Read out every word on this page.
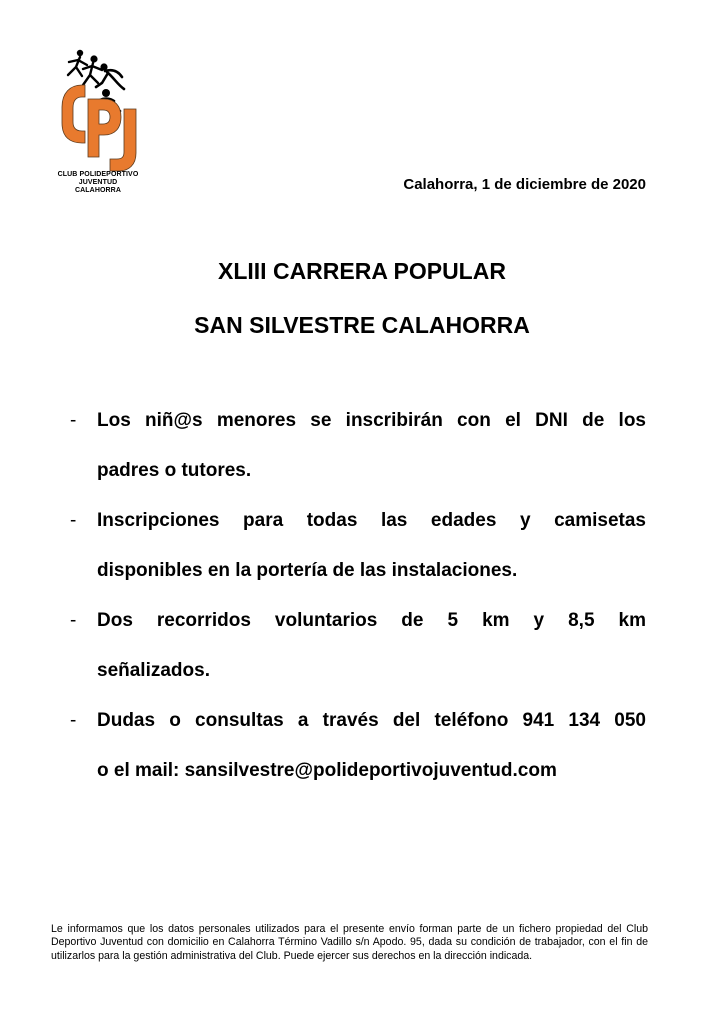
CLUB POLIDEPORTIVO
JUVENTUD
CALAHORRA	Calahorra, 1 de diciembre de 2020
XLIII CARRERA POPULAR
SAN SILVESTRE CALAHORRA
- Los niñ@s menores se inscribirán con el DNI de los
padres o tutores.
- Inscripciones para todas las edades y camisetas
disponibles en la portería de las instalaciones.
- Dos recorridos voluntarios de 5 km y 8,5 km
señalizados.
- Dudas o consultas a través del teléfono 941 134 050
o el mail: sansilvestre@polideportivojuventud.com
Le informamos que los datos personales utilizados para el presente envío forman parte de un fichero propiedad del Club Deportivo Juventud con domicilio en Calahorra Término Vadillo s/n Apodo. 95, dada su condición de trabajador, con el fin de utilizarlos para la gestión administrativa del Club. Puede ejercer sus derechos en la dirección indicada.
